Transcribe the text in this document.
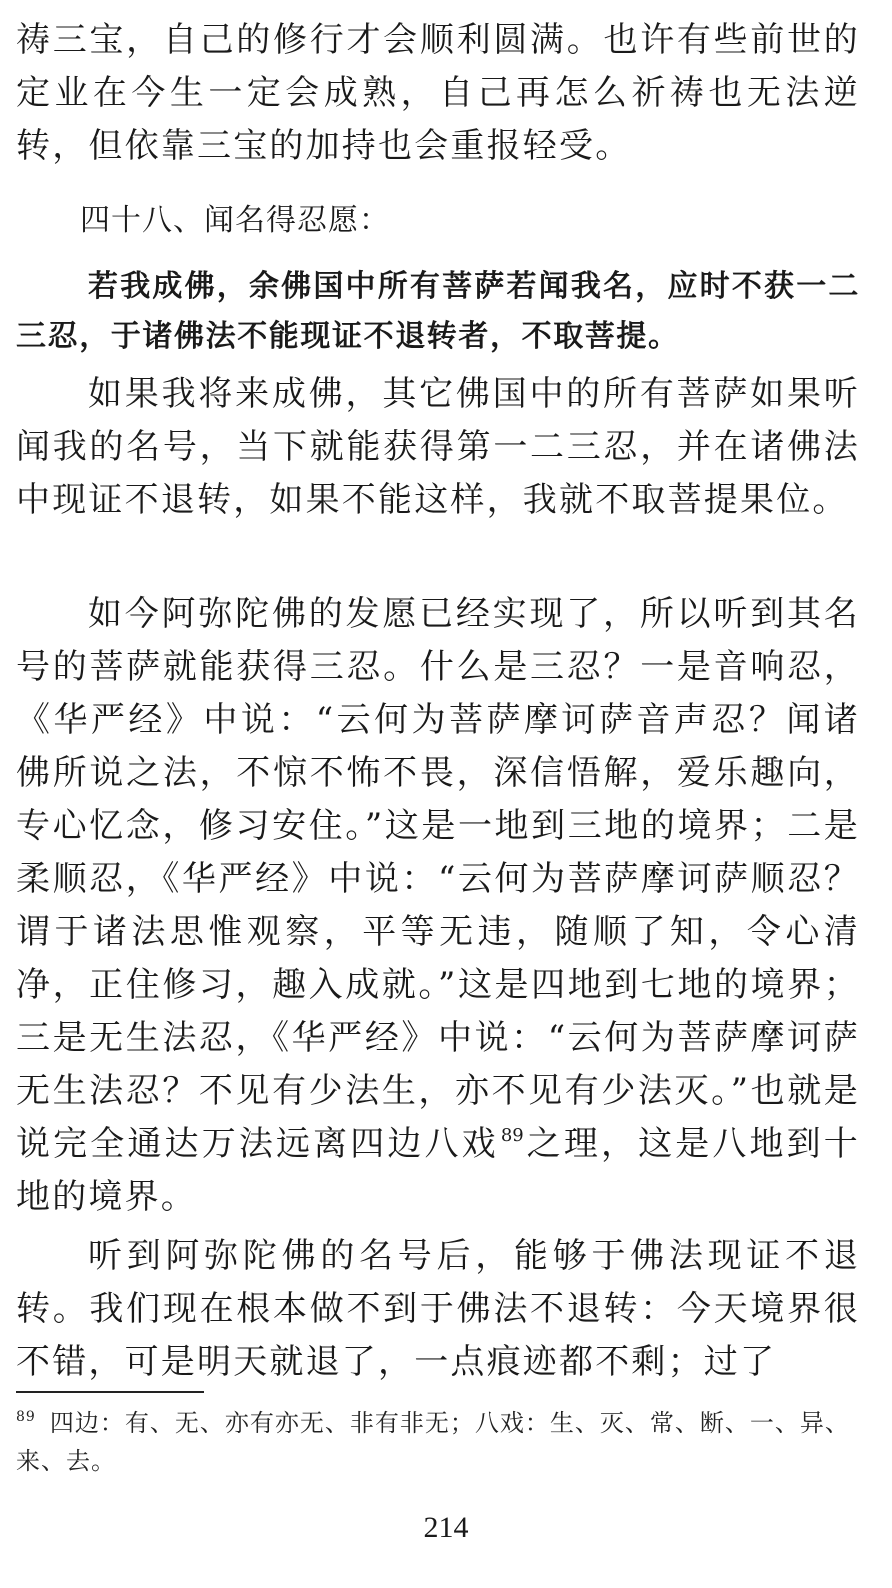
祷三宝，自己的修行才会顺利圆满。也许有些前世的定业在今生一定会成熟，自己再怎么祈祷也无法逆转，但依靠三宝的加持也会重报轻受。

四十八、闻名得忍愿：

若我成佛，余佛国中所有菩萨若闻我名，应时不获一二三忍，于诸佛法不能现证不退转者，不取菩提。

如果我将来成佛，其它佛国中的所有菩萨如果听闻我的名号，当下就能获得第一二三忍，并在诸佛法中现证不退转，如果不能这样，我就不取菩提果位。

如今阿弥陀佛的发愿已经实现了，所以听到其名号的菩萨就能获得三忍。什么是三忍？一是音响忍，《华严经》中说：“云何为菩萨摩诃萨音声忍？闻诸佛所说之法，不惊不怖不畏，深信悟解，爱乐趣向，专心忆念，修习安住。”这是一地到三地的境界；二是柔顺忍，《华严经》中说：“云何为菩萨摩诃萨顺忍？谓于诸法思惟观察，平等无违，随顺了知，令心清净，正住修习，趣入成就。”这是四地到七地的境界；三是无生法忍，《华严经》中说：“云何为菩萨摩诃萨无生法忍？不见有少法生，亦不见有少法灭。”也就是说完全通达万法远离四边八戏 $^{89}$之理，这是八地到十地的境界。

听到阿弥陀佛的名号后，能够于佛法现证不退转。我们现在根本做不到于佛法不退转：今天境界很不错，可是明天就退了，一点痕迹都不剩；过了

$^{89}$ 四边：有、无、亦有亦无、非有非无；八戏：生、灭、常、断、一、异、来、去。

214
